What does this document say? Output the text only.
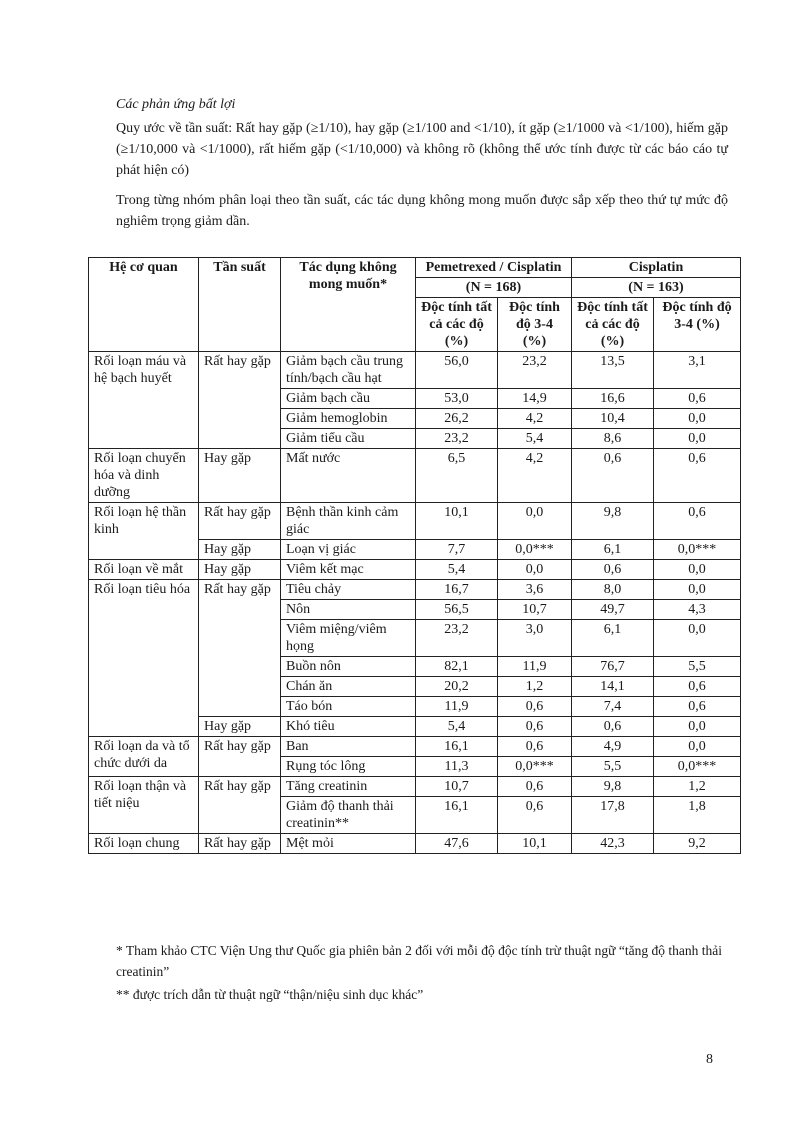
Các phản ứng bất lợi
Quy ước về tần suất: Rất hay gặp (≥1/10), hay gặp (≥1/100 and <1/10), ít gặp (≥1/1000 và <1/100), hiếm gặp (≥1/10,000 và <1/1000), rất hiếm gặp (<1/10,000) và không rõ (không thể ước tính được từ các báo cáo tự phát hiện có)
Trong từng nhóm phân loại theo tần suất, các tác dụng không mong muốn được sắp xếp theo thứ tự mức độ nghiêm trọng giảm dần.
Hệ cơ quan	Tần suất	Tác dụng không mong muốn*	Pemetrexed / Cisplatin		Cisplatin	
			(N = 168)		(N = 163)	
			Độc tính tất cả các độ (%)	Độc tính độ 3-4 (%)	Độc tính tất cả các độ (%)	Độc tính độ 3-4 (%)
Rối loạn máu và hệ bạch huyết	Rất hay gặp	Giảm bạch cầu trung tính/bạch cầu hạt	56,0	23,2	13,5	3,1
		Giảm bạch cầu	53,0	14,9	16,6	0,6
		Giảm hemoglobin	26,2	4,2	10,4	0,0
		Giảm tiểu cầu	23,2	5,4	8,6	0,0
Rối loạn chuyển hóa và dinh dưỡng	Hay gặp	Mất nước	6,5	4,2	0,6	0,6
Rối loạn hệ thần kinh	Rất hay gặp	Bệnh thần kinh cảm giác	10,1	0,0	9,8	0,6
	Hay gặp	Loạn vị giác	7,7	0,0***	6,1	0,0***
Rối loạn về mắt	Hay gặp	Viêm kết mạc	5,4	0,0	0,6	0,0
Rối loạn tiêu hóa	Rất hay gặp	Tiêu chảy	16,7	3,6	8,0	0,0
		Nôn	56,5	10,7	49,7	4,3
		Viêm miệng/viêm họng	23,2	3,0	6,1	0,0
		Buồn nôn	82,1	11,9	76,7	5,5
		Chán ăn	20,2	1,2	14,1	0,6
		Táo bón	11,9	0,6	7,4	0,6
	Hay gặp	Khó tiêu	5,4	0,6	0,6	0,0
Rối loạn da và tổ chức dưới da	Rất hay gặp	Ban	16,1	0,6	4,9	0,0
		Rụng tóc lông	11,3	0,0***	5,5	0,0***
Rối loạn thận và tiết niệu	Rất hay gặp	Tăng creatinin	10,7	0,6	9,8	1,2
		Giảm độ thanh thải creatinin**	16,1	0,6	17,8	1,8
Rối loạn chung	Rất hay gặp	Mệt mỏi	47,6	10,1	42,3	9,2
* Tham khảo CTC Viện Ung thư Quốc gia phiên bản 2 đối với mỗi độ độc tính trừ thuật ngữ “tăng độ thanh thải creatinin”
** được trích dẫn từ thuật ngữ “thận/niệu sinh dục khác”
8
